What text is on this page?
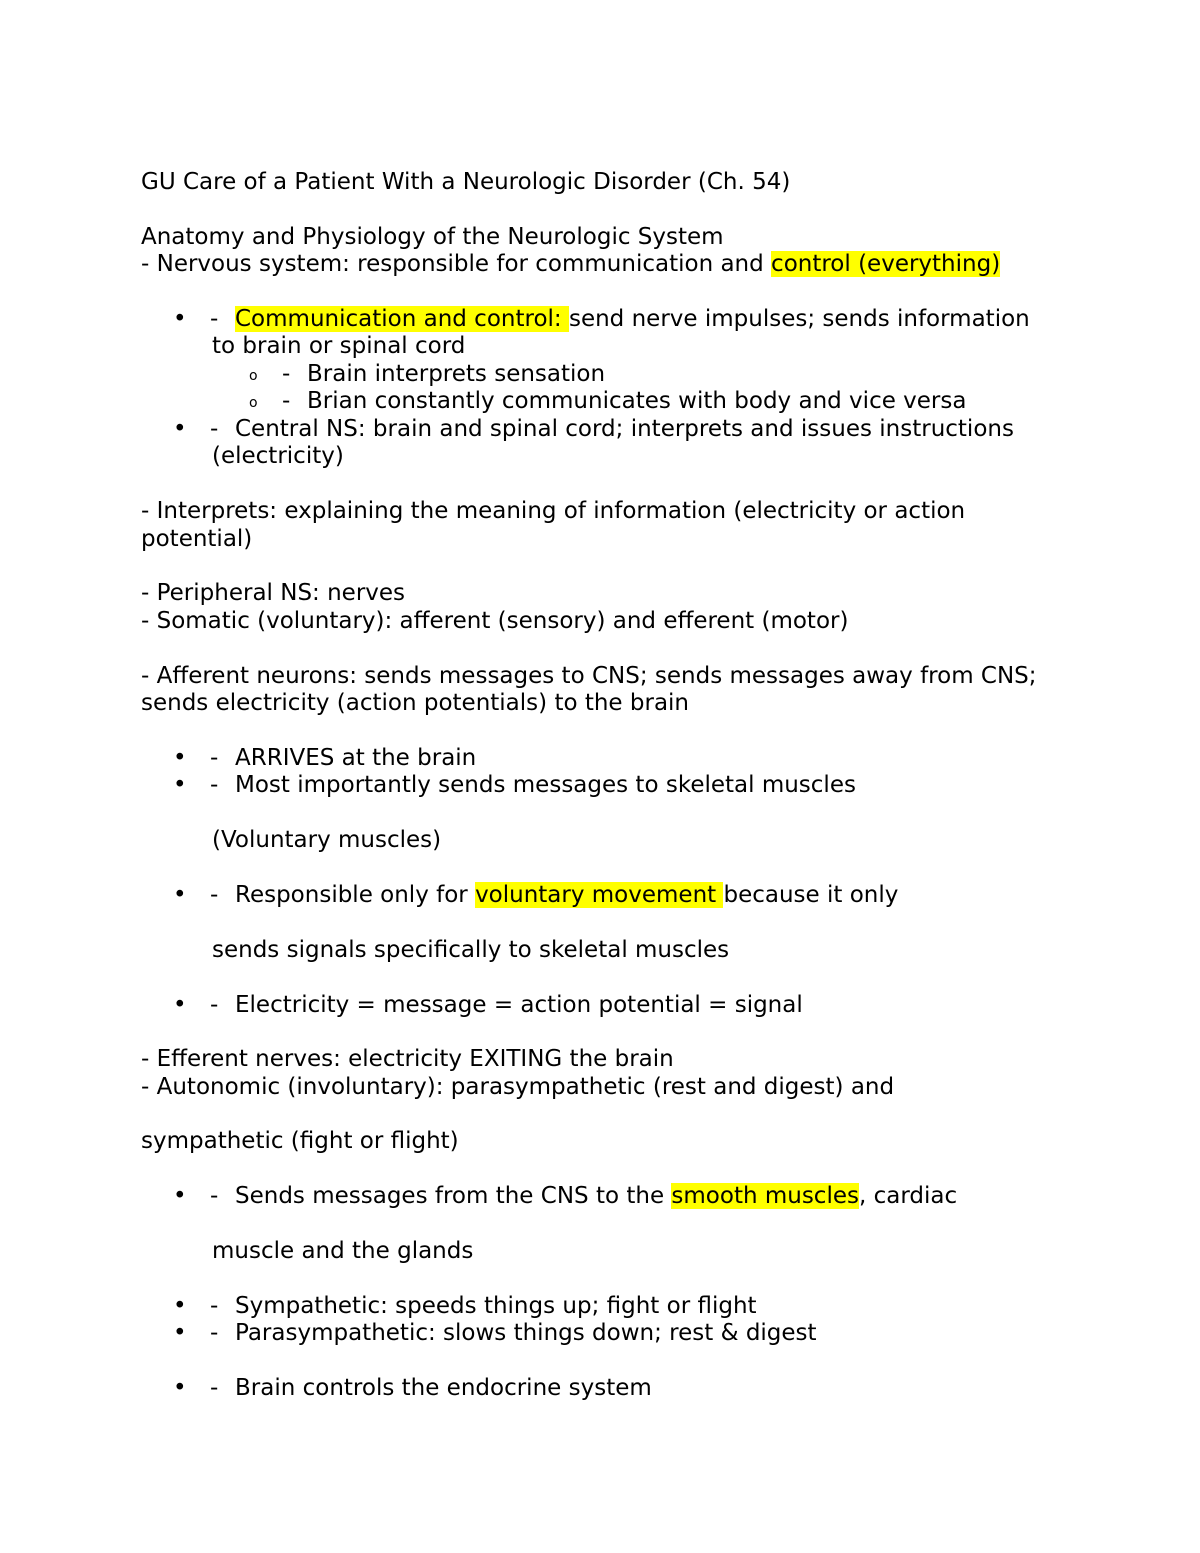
GU Care of a Patient With a Neurologic Disorder (Ch. 54)
Anatomy and Physiology of the Neurologic System
- Nervous system: responsible for communication and control (everything)
• - Communication and control: send nerve impulses; sends information
to brain or spinal cord
o - Brain interprets sensation
o - Brian constantly communicates with body and vice versa
• - Central NS: brain and spinal cord; interprets and issues instructions
(electricity)
- Interprets: explaining the meaning of information (electricity or action
potential)
- Peripheral NS: nerves
- Somatic (voluntary): afferent (sensory) and efferent (motor)
- Afferent neurons: sends messages to CNS; sends messages away from CNS;
sends electricity (action potentials) to the brain
• - ARRIVES at the brain
• - Most importantly sends messages to skeletal muscles
(Voluntary muscles)
• - Responsible only for voluntary movement because it only
sends signals specifically to skeletal muscles
• - Electricity = message = action potential = signal
- Efferent nerves: electricity EXITING the brain
- Autonomic (involuntary): parasympathetic (rest and digest) and
sympathetic (fight or flight)
• - Sends messages from the CNS to the smooth muscles, cardiac
muscle and the glands
• - Sympathetic: speeds things up; fight or flight
• - Parasympathetic: slows things down; rest & digest
• - Brain controls the endocrine system
